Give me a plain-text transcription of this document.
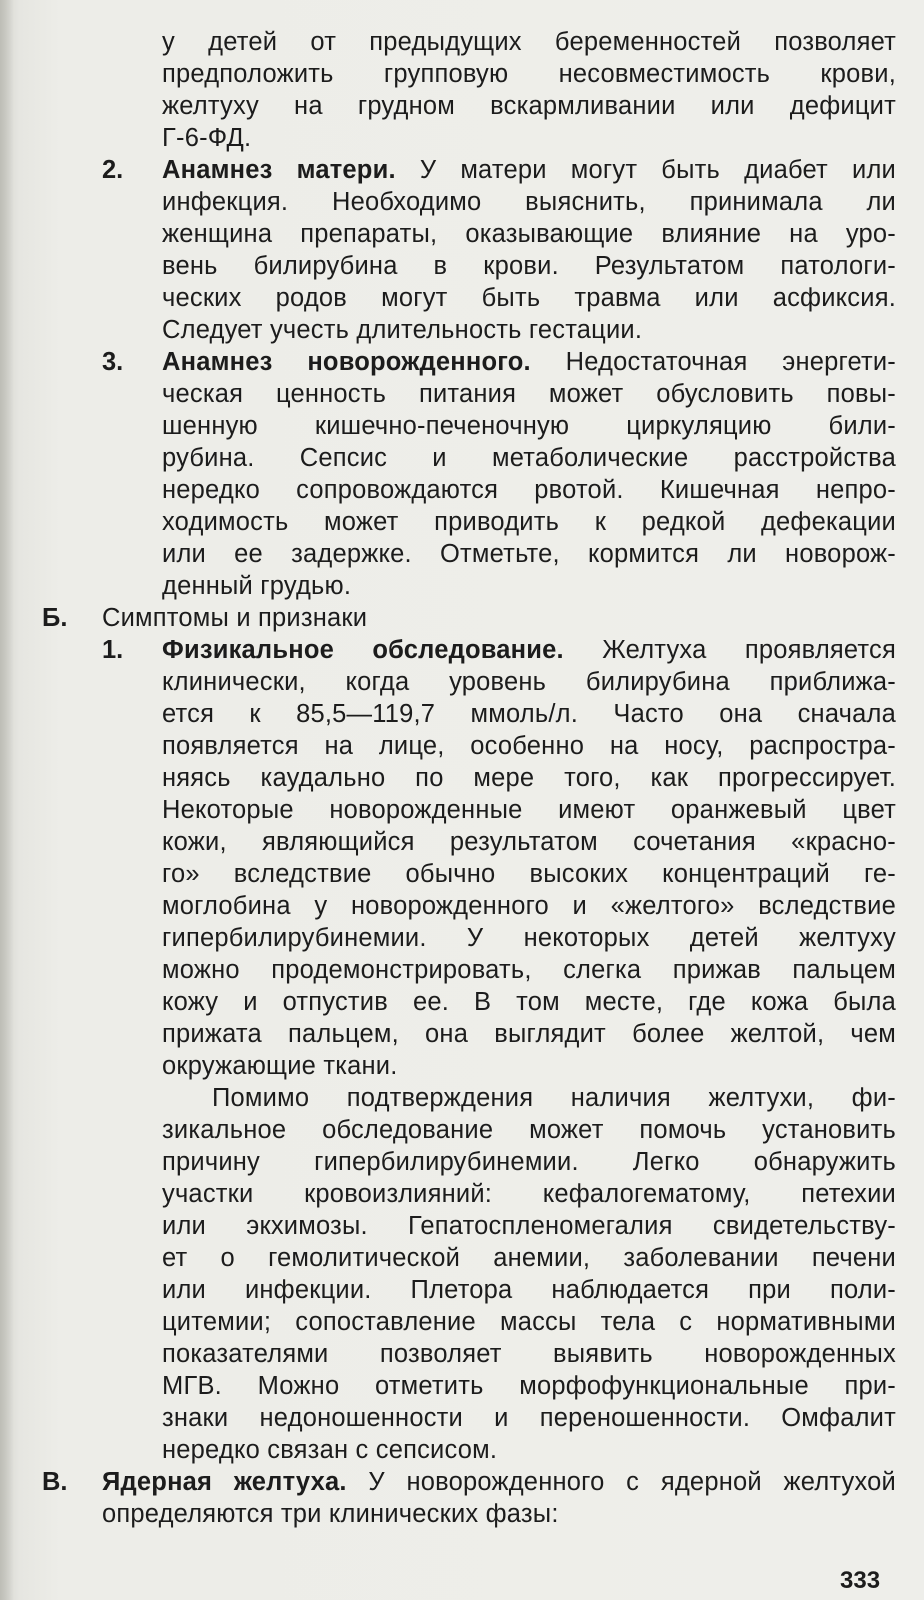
у детей от предыдущих беременностей позволяет
предположить групповую несовместимость крови,
желтуху на грудном вскармливании или дефицит
Г-6-ФД.
2. Анамнез матери. У матери могут быть диабет или
инфекция. Необходимо выяснить, принимала ли
женщина препараты, оказывающие влияние на уро-
вень билирубина в крови. Результатом патологи-
ческих родов могут быть травма или асфиксия.
Следует учесть длительность гестации.
3. Анамнез новорожденного. Недостаточная энергети-
ческая ценность питания может обусловить повы-
шенную кишечно-печеночную циркуляцию били-
рубина. Сепсис и метаболические расстройства
нередко сопровождаются рвотой. Кишечная непро-
ходимость может приводить к редкой дефекации
или ее задержке. Отметьте, кормится ли новорож-
денный грудью.
Б. Симптомы и признаки
1. Физикальное обследование. Желтуха проявляется
клинически, когда уровень билирубина приближа-
ется к 85,5—119,7 ммоль/л. Часто она сначала
появляется на лице, особенно на носу, распростра-
няясь каудально по мере того, как прогрессирует.
Некоторые новорожденные имеют оранжевый цвет
кожи, являющийся результатом сочетания «красно-
го» вследствие обычно высоких концентраций ге-
моглобина у новорожденного и «желтого» вследствие
гипербилирубинемии. У некоторых детей желтуху
можно продемонстрировать, слегка прижав пальцем
кожу и отпустив ее. В том месте, где кожа была
прижата пальцем, она выглядит более желтой, чем
окружающие ткани.
Помимо подтверждения наличия желтухи, фи-
зикальное обследование может помочь установить
причину гипербилирубинемии. Легко обнаружить
участки кровоизлияний: кефалогематому, петехии
или экхимозы. Гепатоспленомегалия свидетельству-
ет о гемолитической анемии, заболевании печени
или инфекции. Плетора наблюдается при поли-
цитемии; сопоставление массы тела с нормативными
показателями позволяет выявить новорожденных
МГВ. Можно отметить морфофункциональные при-
знаки недоношенности и переношенности. Омфалит
нередко связан с сепсисом.
В. Ядерная желтуха. У новорожденного с ядерной желтухой
определяются три клинических фазы:
333
